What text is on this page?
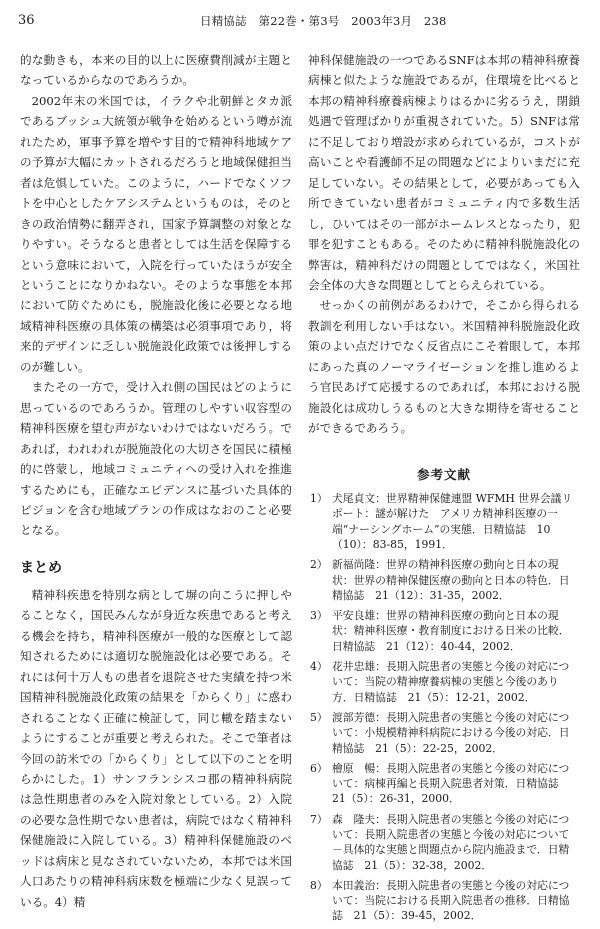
36	日精協誌　第22巻・第3号　2003年3月　238

的な動きも，本来の目的以上に医療費削減が主題となっているからなのであろうか。

2002年末の米国では，イラクや北朝鮮とタカ派であるブッシュ大統領が戦争を始めるという噂が流れたため，軍事予算を増やす目的で精神科地域ケアの予算が大幅にカットされるだろうと地域保健担当者は危惧していた。このように，ハードでなくソフトを中心としたケアシステムというものは，そのときの政治情勢に翻弄され，国家予算調整の対象となりやすい。そうなると患者としては生活を保障するという意味において，入院を行っていたほうが安全ということになりかねない。そのような事態を本邦において防ぐためにも，脱施設化後に必要となる地域精神科医療の具体策の構築は必須事項であり，将来的デザインに乏しい脱施設化政策では後押しするのが難しい。

またその一方で，受け入れ側の国民はどのように思っているのであろうか。管理のしやすい収容型の精神科医療を望む声がないわけではないだろう。であれば，われわれが脱施設化の大切さを国民に積極的に啓蒙し，地域コミュニティへの受け入れを推進するためにも，正確なエビデンスに基づいた具体的ビジョンを含む地域プランの作成はなおのこと必要となる。

まとめ

精神科疾患を特別な病として塀の向こうに押しやることなく，国民みんなが身近な疾患であると考える機会を持ち，精神科医療が一般的な医療として認知されるためには適切な脱施設化は必要である。それには何十万人もの患者を退院させた実績を持つ米国精神科脱施設化政策の結果を「からくり」に惑わされることなく正確に検証して，同じ轍を踏まないようにすることが重要と考えられた。そこで筆者は今回の訪米での「からくり」として以下のことを明らかにした。1）サンフランシスコ郡の精神科病院は急性期患者のみを入院対象としている。2）入院の必要な急性期でない患者は，病院ではなく精神科保健施設に入院している。3）精神科保健施設のベッドは病床と見なされていないため，本邦では米国人口あたりの精神科病床数を極端に少なく見誤っている。4）精

神科保健施設の一つであるSNFは本邦の精神科療養病棟と似たような施設であるが，住環境を比べると本邦の精神科療養病棟よりはるかに劣るうえ，閉鎖処遇で管理ばかりが重視されていた。5）SNFは常に不足しており増設が求められているが，コストが高いことや看護師不足の問題などによりいまだに充足していない。その結果として，必要があっても入所できていない患者がコミュニティ内で多数生活し，ひいてはその一部がホームレスとなったり，犯罪を犯すこともある。そのために精神科脱施設化の弊害は，精神科だけの問題としてではなく，米国社会全体の大きな問題としてとらえられている。

せっかくの前例があるわけで，そこから得られる教訓を利用しない手はない。米国精神科脱施設化政策のよい点だけでなく反省点にこそ着眼して，本邦にあった真のノーマライゼーションを推し進めるよう官民あげて応援するのであれば，本邦における脱施設化は成功しうるものと大きな期待を寄せることができるであろう。

参考文献
1） 犬尾貞文：世界精神保健連盟 WFMH 世界会議リポート：謎が解けた　アメリカ精神科医療の一端“ナーシングホーム”の実態．日精協誌　10（10）：83-85，1991．
2） 新福尚隆：世界の精神科医療の動向と日本の現状：世界の精神保健医療の動向と日本の特色．日精協誌　21（12）：31-35，2002．
3） 平安良雄：世界の精神科医療の動向と日本の現状：精神科医療・教育制度における日米の比較．日精協誌　21（12）：40-44，2002．
4） 花井忠雄：長期入院患者の実態と今後の対応について：当院の精神療養病棟の実態と今後のあり方．日精協誌　21（5）：12-21，2002．
5） 渡部芳德：長期入院患者の実態と今後の対応について：小規模精神科病院における今後の対応．日精協誌　21（5）：22-25，2002．
6） 檜原　暢：長期入院患者の実態と今後の対応について：病棟再編と長期入院患者対策．日精協誌　21（5）：26-31，2000．
7） 森　隆夫：長期入院患者の実態と今後の対応について：長期入院患者の実態と今後の対応について－具体的な実態と問題点から院内施設まで．日精協誌　21（5）：32-38，2002．
8） 本田義治：長期入院患者の実態と今後の対応について：当院における長期入院患者の推移．日精協誌　21（5）：39-45，2002．
